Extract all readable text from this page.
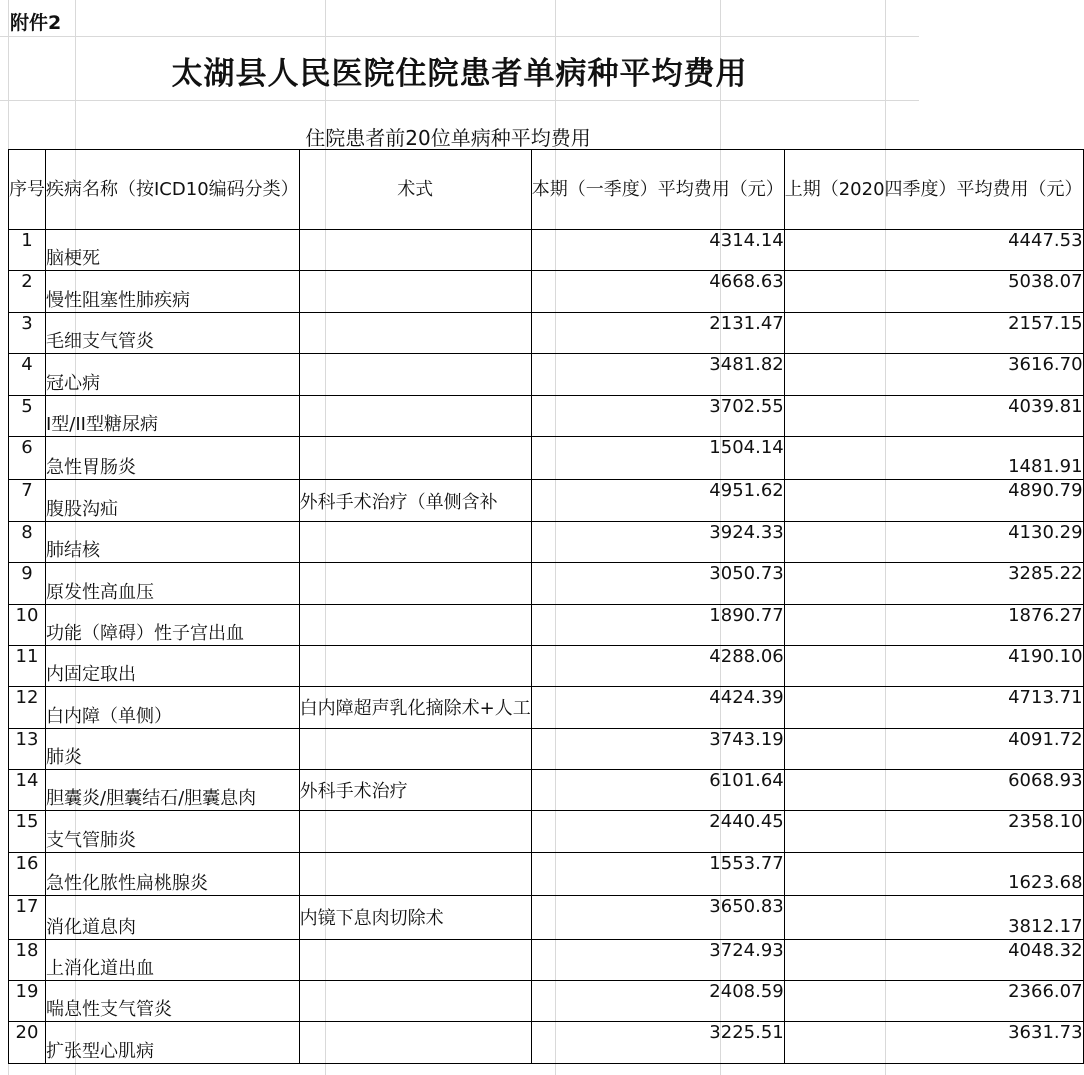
附件2
太湖县人民医院住院患者单病种平均费用
住院患者前20位单病种平均费用
序号	疾病名称（按ICD10编码分类）	术式	本期（一季度）平均费用（元）	上期（2020四季度）平均费用（元）
1	脑梗死		4314.14	4447.53
2	慢性阻塞性肺疾病		4668.63	5038.07
3	毛细支气管炎		2131.47	2157.15
4	冠心病		3481.82	3616.70
5	I型/II型糖尿病		3702.55	4039.81
6	急性胃肠炎		1504.14	1481.91
7	腹股沟疝	外科手术治疗（单侧含补	4951.62	4890.79
8	肺结核		3924.33	4130.29
9	原发性高血压		3050.73	3285.22
10	功能（障碍）性子宫出血		1890.77	1876.27
11	内固定取出		4288.06	4190.10
12	白内障（单侧）	白内障超声乳化摘除术+人工	4424.39	4713.71
13	肺炎		3743.19	4091.72
14	胆囊炎/胆囊结石/胆囊息肉	外科手术治疗	6101.64	6068.93
15	支气管肺炎		2440.45	2358.10
16	急性化脓性扁桃腺炎		1553.77	1623.68
17	消化道息肉	内镜下息肉切除术	3650.83	3812.17
18	上消化道出血		3724.93	4048.32
19	喘息性支气管炎		2408.59	2366.07
20	扩张型心肌病		3225.51	3631.73
